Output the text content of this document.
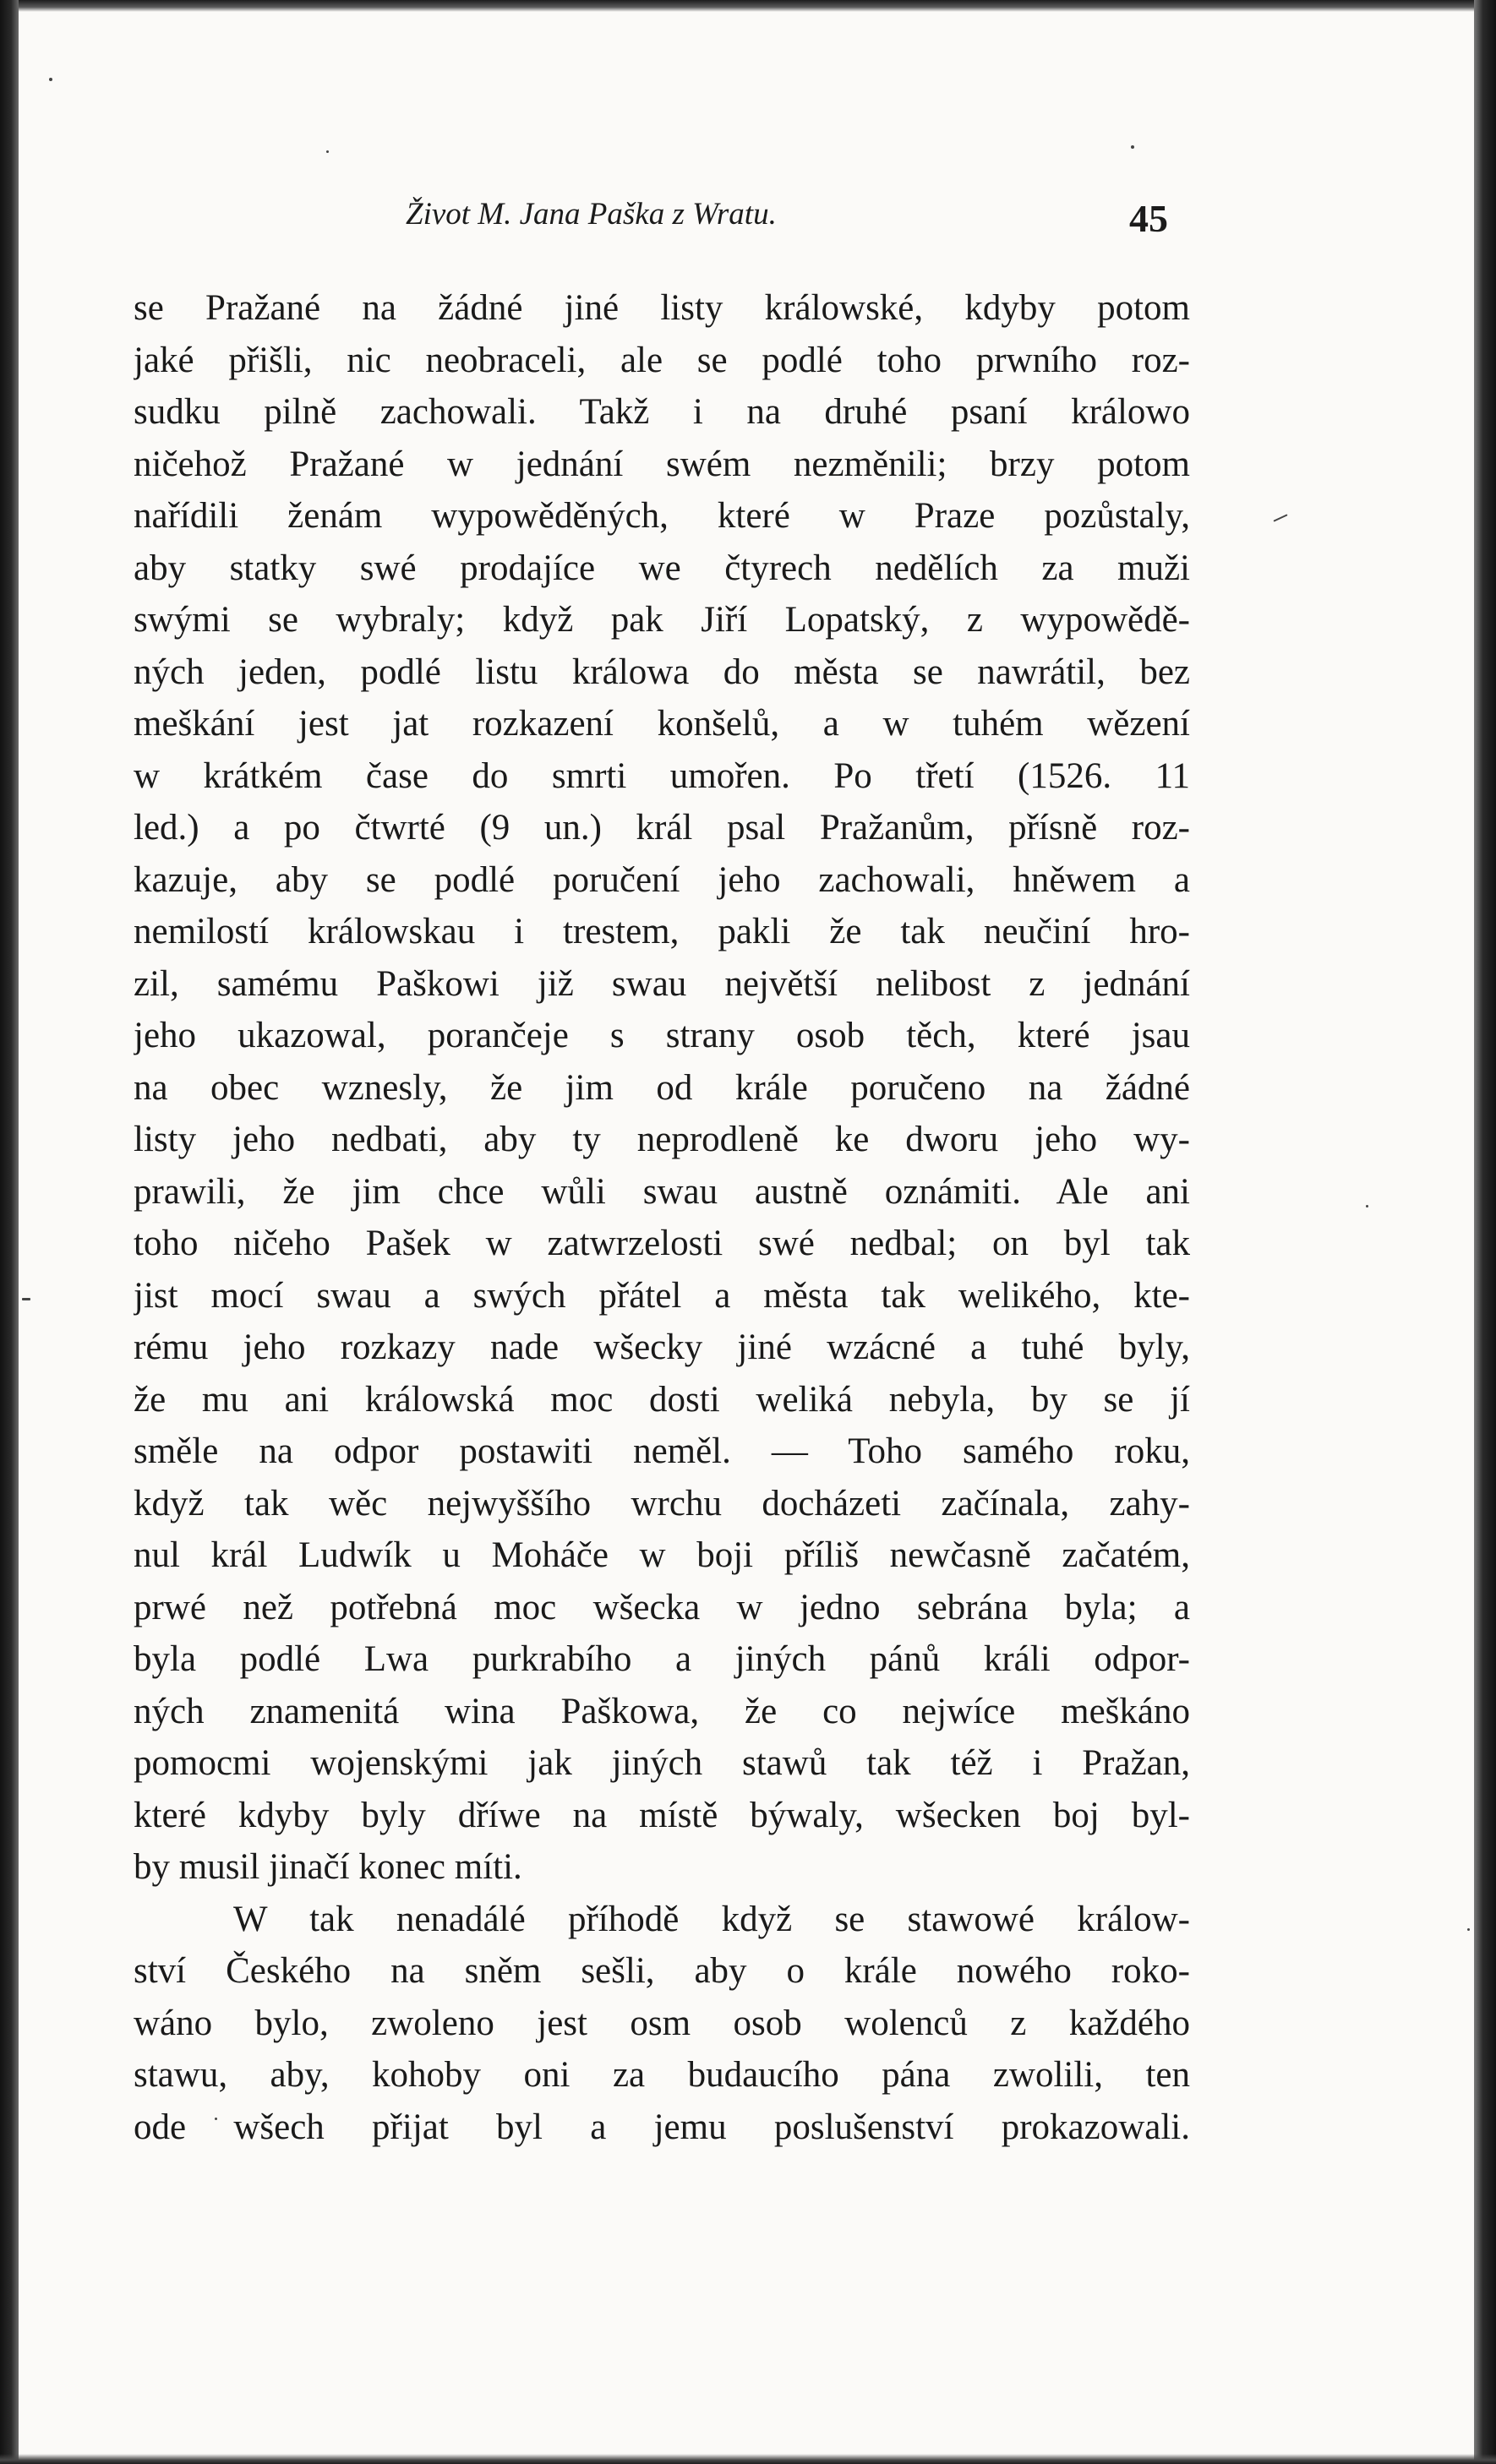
Život M. Jana Paška z Wratu.	45
se Pražané na žádné jiné listy králowské, kdyby potom
jaké přišli, nic neobraceli, ale se podlé toho prwního roz-
sudku pilně zachowali. Takž i na druhé psaní králowo
ničehož Pražané w jednání swém nezměnili; brzy potom
nařídili ženám wypowěděných, které w Praze pozůstaly,
aby statky swé prodajíce we čtyrech nedělích za muži
swými se wybraly; když pak Jiří Lopatský, z wypowědě-
ných jeden, podlé listu králowa do města se nawrátil, bez
meškání jest jat rozkazení konšelů, a w tuhém wězení
w krátkém čase do smrti umořen. Po třetí (1526. 11
led.) a po čtwrté (9 un.) král psal Pražanům, přísně roz-
kazuje, aby se podlé poručení jeho zachowali, hněwem a
nemilostí králowskau i trestem, pakli že tak neučiní hro-
zil, samému Paškowi již swau největší nelibost z jednání
jeho ukazowal, porančeje s strany osob těch, které jsau
na obec wznesly, že jim od krále poručeno na žádné
listy jeho nedbati, aby ty neprodleně ke dworu jeho wy-
prawili, že jim chce wůli swau austně oznámiti. Ale ani
toho ničeho Pašek w zatwrzelosti swé nedbal; on byl tak
jist mocí swau a swých přátel a města tak welikého, kte-
rému jeho rozkazy nade wšecky jiné wzácné a tuhé byly,
že mu ani králowská moc dosti weliká nebyla, by se jí
směle na odpor postawiti neměl. — Toho samého roku,
když tak wěc nejwyššího wrchu docházeti začínala, zahy-
nul král Ludwík u Moháče w boji příliš newčasně začatém,
prwé než potřebná moc wšecka w jedno sebrána byla; a
byla podlé Lwa purkrabího a jiných pánů králi odpor-
ných znamenitá wina Paškowa, že co nejwíce meškáno
pomocmi wojenskými jak jiných stawů tak též i Pražan,
které kdyby byly dříwe na místě býwaly, wšecken boj byl-
by musil jinačí konec míti.
W tak nenadálé příhodě když se stawowé králow-
ství Českého na sněm sešli, aby o krále nowého roko-
wáno bylo, zwoleno jest osm osob wolenců z každého
stawu, aby, kohoby oni za budaucího pána zwolili, ten
ode wšech přijat byl a jemu poslušenství prokazowali.
